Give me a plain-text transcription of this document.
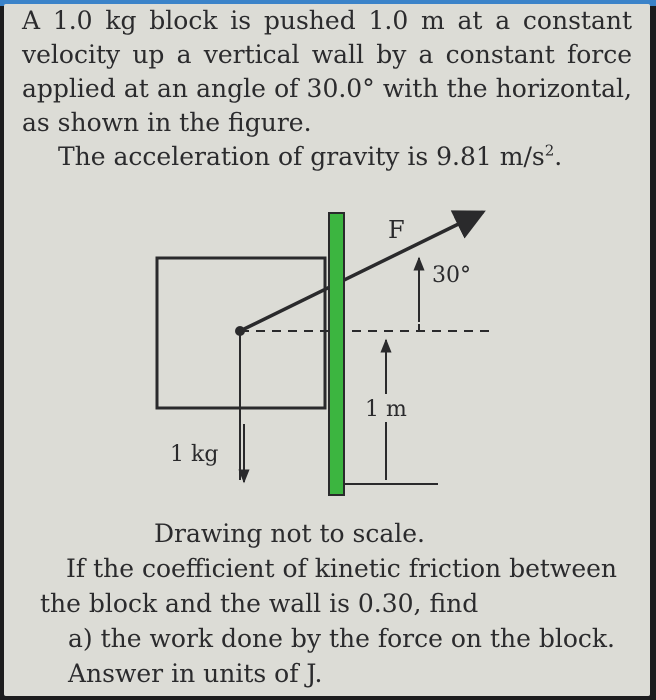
A 1.0 kg block is pushed 1.0 m at a constant velocity up a vertical wall by a constant force applied at an angle of 30.0° with the horizontal, as shown in the figure.

The acceleration of gravity is 9.81 $m/s^2$.

F
30°
1 m
1 kg

Drawing not to scale.

If the coefficient of kinetic friction between the block and the wall is 0.30, find

a) the work done by the force on the block.

Answer in units of J.
